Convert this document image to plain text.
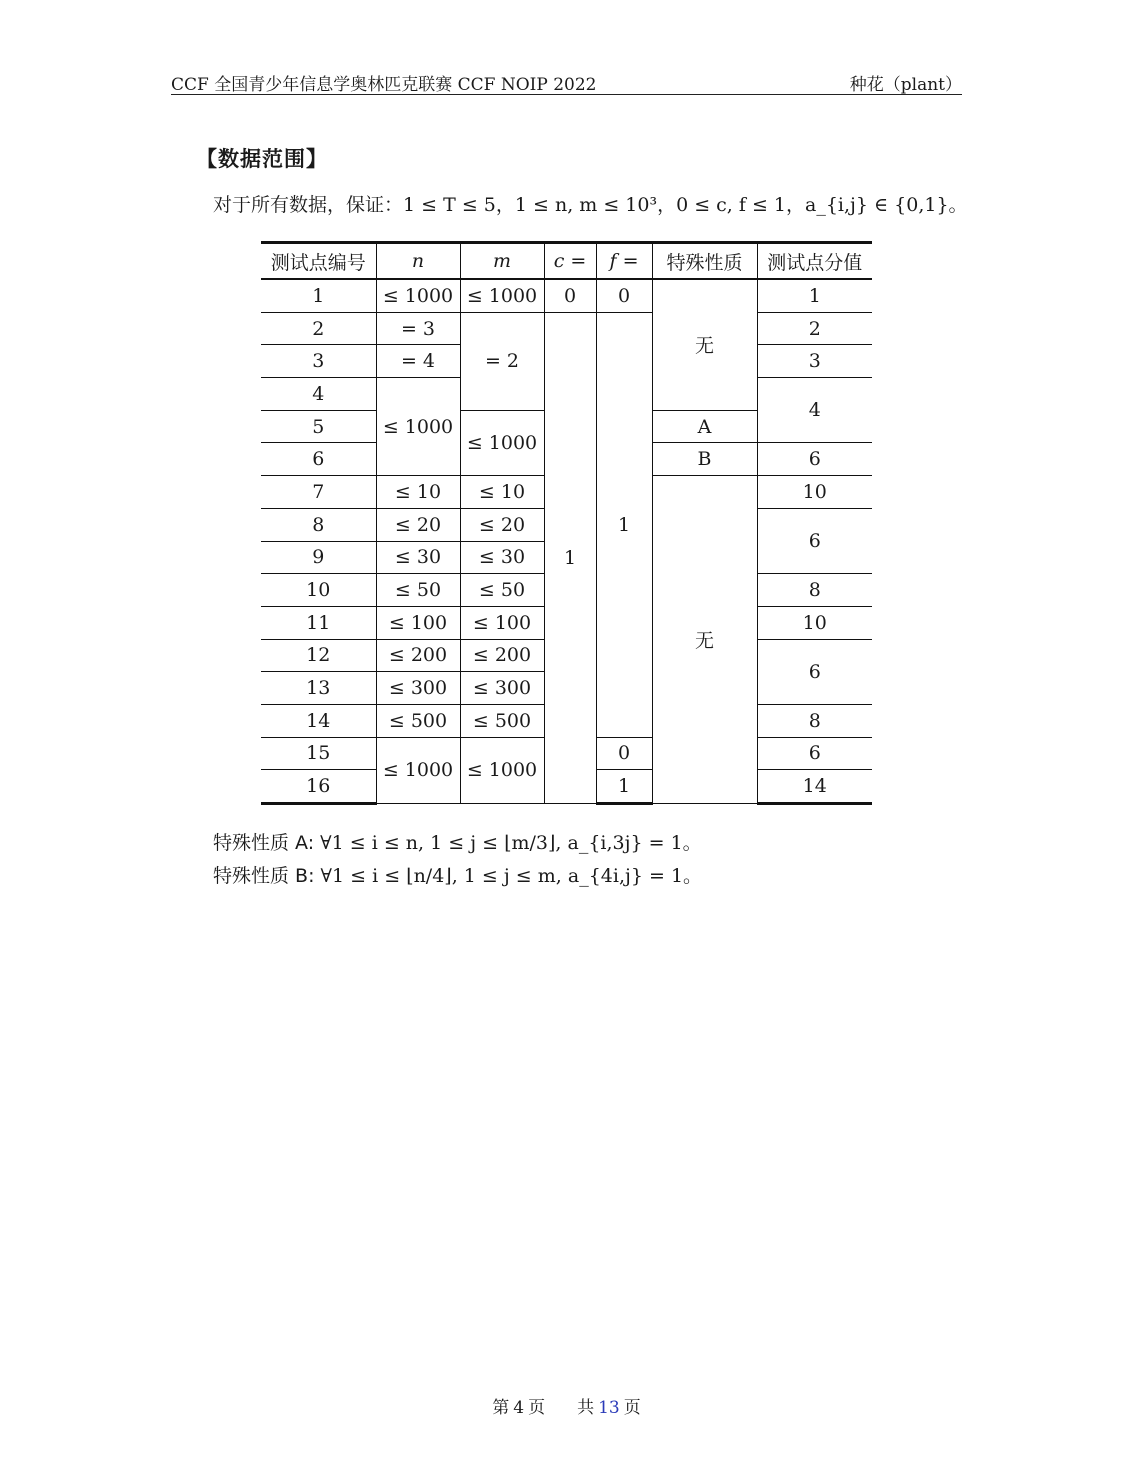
CCF 全国青少年信息学奥林匹克联赛 CCF NOIP 2022	种花（plant）
【数据范围】
对于所有数据，保证：1 ≤ T ≤ 5，1 ≤ n, m ≤ 10³，0 ≤ c, f ≤ 1，a_{i,j} ∈ {0,1}。
测试点编号	n	m	c =	f =	特殊性质	测试点分值
1	≤ 1000	≤ 1000	0	0	无	1
2	= 3	= 2	1	1		2
3	= 4					3
4	≤ 1000					4
5		≤ 1000			A	
6					B	6
7	≤ 10	≤ 10			无	10
8	≤ 20	≤ 20				6
9	≤ 30	≤ 30				
10	≤ 50	≤ 50				8
11	≤ 100	≤ 100				10
12	≤ 200	≤ 200				6
13	≤ 300	≤ 300				
14	≤ 500	≤ 500				8
15	≤ 1000	≤ 1000		0		6
16				1		14
特殊性质 A: ∀1 ≤ i ≤ n, 1 ≤ j ≤ ⌊m/3⌋, a_{i,3j} = 1。
特殊性质 B: ∀1 ≤ i ≤ ⌊n/4⌋, 1 ≤ j ≤ m, a_{4i,j} = 1。
第 4 页 共 13 页
